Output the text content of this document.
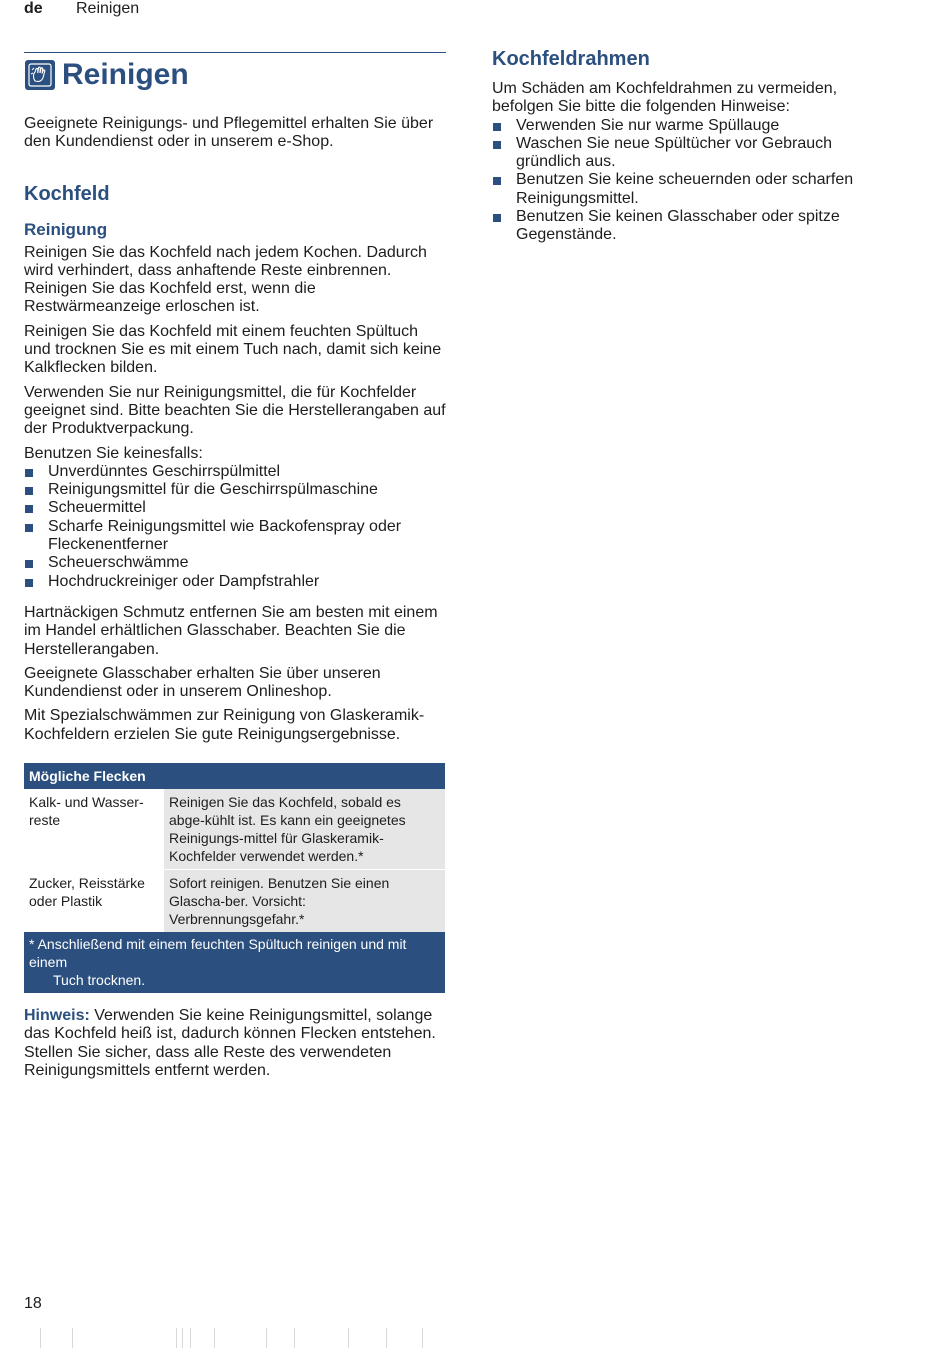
de Reinigen
Reinigen

Geeignete Reinigungs- und Pflegemittel erhalten Sie über den Kundendienst oder in unserem e-Shop.

Kochfeld
Reinigung

Reinigen Sie das Kochfeld nach jedem Kochen. Dadurch wird verhindert, dass anhaftende Reste einbrennen. Reinigen Sie das Kochfeld erst, wenn die Restwärmeanzeige erloschen ist.

Reinigen Sie das Kochfeld mit einem feuchten Spültuch und trocknen Sie es mit einem Tuch nach, damit sich keine Kalkflecken bilden.

Verwenden Sie nur Reinigungsmittel, die für Kochfelder geeignet sind. Bitte beachten Sie die Herstellerangaben auf der Produktverpackung.

Benutzen Sie keinesfalls:

Unverdünntes Geschirrspülmittel
Reinigungsmittel für die Geschirrspülmaschine
Scheuermittel
Scharfe Reinigungsmittel wie Backofenspray oder Fleckenentferner
Scheuerschwämme
Hochdruckreiniger oder Dampfstrahler

Hartnäckigen Schmutz entfernen Sie am besten mit einem im Handel erhältlichen Glasschaber. Beachten Sie die Herstellerangaben.

Geeignete Glasschaber erhalten Sie über unseren Kundendienst oder in unserem Onlineshop.

Mit Spezialschwämmen zur Reinigung von Glaskeramik-Kochfeldern erzielen Sie gute Reinigungsergebnisse.

Mögliche Flecken	
Kalk- und Wasser-reste	Reinigen Sie das Kochfeld, sobald es abge-kühlt ist. Es kann ein geeignetes Reinigungs-mittel für Glaskeramik-Kochfelder verwendet werden.*
Zucker, Reisstärke oder Plastik	Sofort reinigen. Benutzen Sie einen Glascha-ber. Vorsicht: Verbrennungsgefahr.*

* Anschließend mit einem feuchten Spültuch reinigen und mit einem
Tuch trocknen.	

Hinweis: Verwenden Sie keine Reinigungsmittel, solange das Kochfeld heiß ist, dadurch können Flecken entstehen. Stellen Sie sicher, dass alle Reste des verwendeten Reinigungsmittels entfernt werden.

Kochfeldrahmen

Um Schäden am Kochfeldrahmen zu vermeiden, befolgen Sie bitte die folgenden Hinweise:

Verwenden Sie nur warme Spüllauge
Waschen Sie neue Spültücher vor Gebrauch gründlich aus.
Benutzen Sie keine scheuernden oder scharfen Reinigungsmittel.
Benutzen Sie keinen Glasschaber oder spitze Gegenstände.
18
